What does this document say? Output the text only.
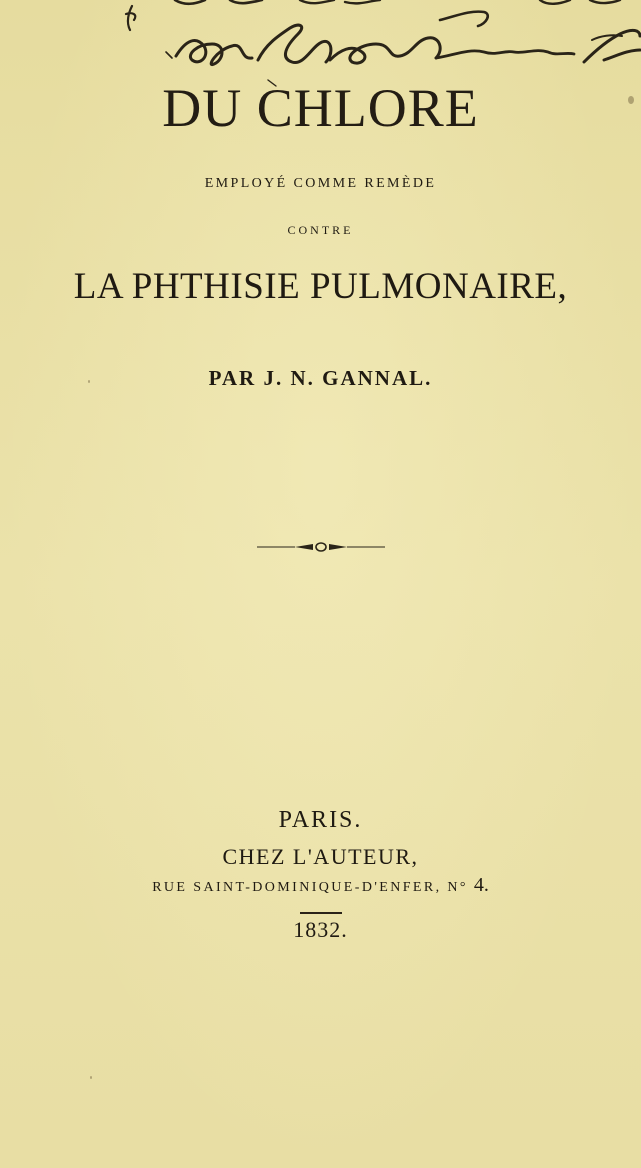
DU CHLORE
EMPLOYÉ COMME REMÈDE
CONTRE
LA PHTHISIE PULMONAIRE,
PAR J. N. GANNAL.
PARIS.
CHEZ L'AUTEUR,
RUE SAINT-DOMINIQUE-D'ENFER, N° 4.
1832.
